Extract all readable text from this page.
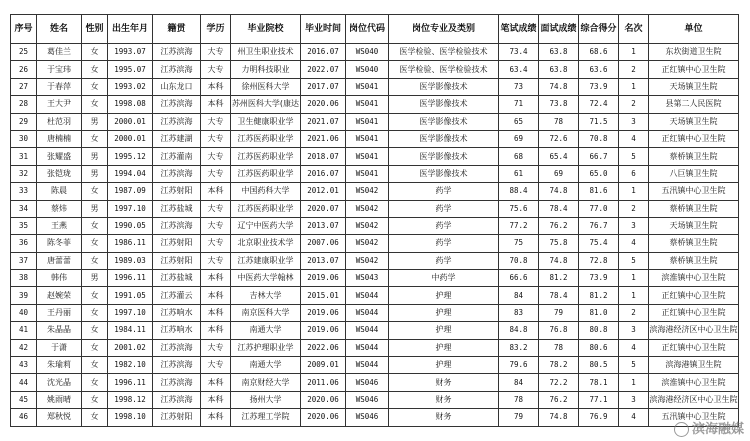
序号	姓名	性别	出生年月	籍贯	学历	毕业院校	毕业时间	岗位代码	岗位专业及类别	笔试成绩	面试成绩	综合得分	名次	单位
25	葛佳兰	女	1993.07	江苏滨海	大专	州卫生职业技术	2016.07	WS040	医学检验、医学检验技术	73.4	63.8	68.6	1	东坎街道卫生院
26	于宝玮	女	1995.07	江苏滨海	大专	力明科技职业	2022.07	WS040	医学检验、医学检验技术	63.4	63.8	63.6	2	正红镇中心卫生院
27	于春萍	女	1993.02	山东龙口	本科	徐州医科大学	2017.07	WS041	医学影像技术	73	74.8	73.9	1	天场镇卫生院
28	王大尹	女	1998.08	江苏滨海	本科	苏州医科大学(康达	2020.06	WS041	医学影像技术	71	73.8	72.4	2	县第二人民医院
29	杜范羽	男	2000.01	江苏滨海	大专	卫生健康职业学	2021.07	WS041	医学影像技术	65	78	71.5	3	天场镇卫生院
30	唐楠楠	女	2000.01	江苏建湖	大专	江苏医药职业学	2021.06	WS041	医学影像技术	69	72.6	70.8	4	正红镇中心卫生院
31	张耀盛	男	1995.12	江苏灌南	大专	江苏医药职业学	2018.07	WS041	医学影像技术	68	65.4	66.7	5	蔡桥镇卫生院
32	张铠珑	男	1994.04	江苏滨海	大专	江苏医药职业学	2016.07	WS041	医学影像技术	61	69	65.0	6	八巨镇卫生院
33	陈晨	女	1987.09	江苏射阳	本科	中国药科大学	2012.01	WS042	药学	88.4	74.8	81.6	1	五汛镇中心卫生院
34	蔡炜	男	1997.10	江苏盐城	大专	江苏医药职业学	2020.07	WS042	药学	75.6	78.4	77.0	2	蔡桥镇卫生院
35	王燕	女	1990.05	江苏滨海	大专	辽宁中医药大学	2013.07	WS042	药学	77.2	76.2	76.7	3	天场镇卫生院
36	陈冬菲	女	1986.11	江苏射阳	大专	北京职业技术学	2007.06	WS042	药学	75	75.8	75.4	4	蔡桥镇卫生院
37	唐蕾蕾	女	1989.03	江苏射阳	大专	江苏建康职业学	2013.07	WS042	药学	70.8	74.8	72.8	5	蔡桥镇卫生院
38	韩伟	男	1996.11	江苏盐城	本科	中医药大学翰林	2019.06	WS043	中药学	66.6	81.2	73.9	1	滨淮镇中心卫生院
39	赵婉荣	女	1991.05	江苏灌云	本科	吉林大学	2015.01	WS044	护理	84	78.4	81.2	1	正红镇中心卫生院
40	王丹丽	女	1997.10	江苏响水	本科	南京医科大学	2019.06	WS044	护理	83	79	81.0	2	正红镇中心卫生院
41	朱晶晶	女	1984.11	江苏响水	本科	南通大学	2019.06	WS044	护理	84.8	76.8	80.8	3	滨海港经济区中心卫生院
42	于潇	女	2001.02	江苏滨海	大专	江苏护理职业学	2022.06	WS044	护理	83.2	78	80.6	4	正红镇中心卫生院
43	朱瑜莉	女	1982.10	江苏滨海	大专	南通大学	2009.01	WS044	护理	79.6	78.2	80.5	5	滨海港镇卫生院
44	沈光晶	女	1996.11	江苏滨海	本科	南京财经大学	2011.06	WS046	财务	84	72.2	78.1	1	滨淮镇中心卫生院
45	姚雨晴	女	1998.12	江苏滨海	本科	扬州大学	2020.06	WS046	财务	78	76.2	77.1	3	滨海港经济区中心卫生院
46	郑秋悦	女	1998.10	江苏射阳	本科	江苏理工学院	2020.06	WS046	财务	79	74.8	76.9	4	五汛镇中心卫生院
滨海融媒
